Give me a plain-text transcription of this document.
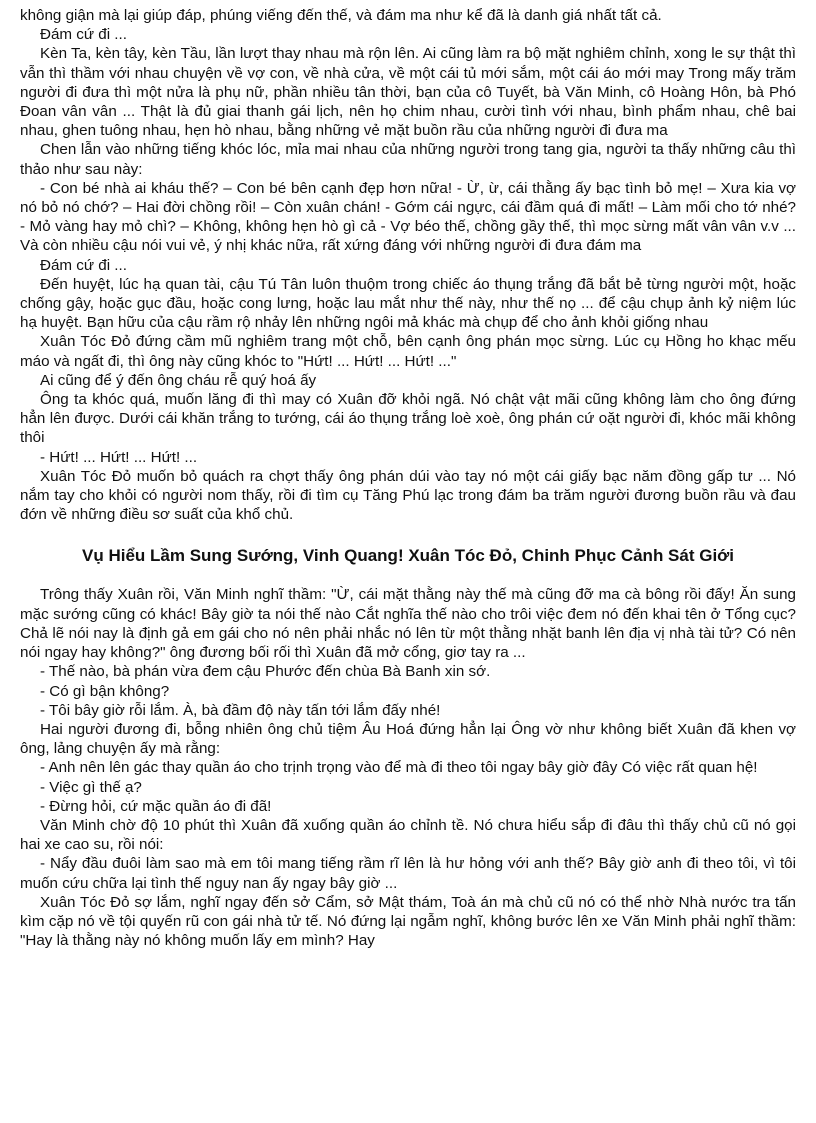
không giận mà lại giúp đáp, phúng viếng đến thế, và đám ma như kể đã là danh giá nhất tất cả.

Đám cứ đi ...

Kèn Ta, kèn tây, kèn Tầu, lần lượt thay nhau mà rộn lên. Ai cũng làm ra bộ mặt nghiêm chỉnh, xong le sự thật thì vẫn thì thầm với nhau chuyện về vợ con, về nhà cửa, về một cái tủ mới sắm, một cái áo mới may Trong mấy trăm người đi đưa thì một nửa là phụ nữ, phần nhiều tân thời, bạn của cô Tuyết, bà Văn Minh, cô Hoàng Hôn, bà Phó Đoan vân vân ... Thật là đủ giai thanh gái lịch, nên họ chim nhau, cười tình với nhau, bình phẩm nhau, chê bai nhau, ghen tuông nhau, hẹn hò nhau, bằng những vẻ mặt buồn rầu của những người đi đưa ma

Chen lẫn vào những tiếng khóc lóc, mỉa mai nhau của những người trong tang gia, người ta thấy những câu thì thảo như sau này:

- Con bé nhà ai kháu thế? – Con bé bên cạnh đẹp hơn nữa! - Ừ, ừ, cái thằng ấy bạc tình bỏ mẹ! – Xưa kia vợ nó bỏ nó chớ? – Hai đời chồng rồi! – Còn xuân chán! - Gớm cái ngực, cái đầm quá đi mất! – Làm mối cho tớ nhé? - Mỏ vàng hay mỏ chì? – Không, không hẹn hò gì cả - Vợ béo thế, chồng gầy thế, thì mọc sừng mất vân vân v.v ... Và còn nhiều cậu nói vui vẻ, ý nhị khác nữa, rất xứng đáng với những người đi đưa đám ma

Đám cứ đi ...

Đến huyệt, lúc hạ quan tài, cậu Tú Tân luôn thuộm trong chiếc áo thụng trắng đã bắt bẻ từng người một, hoặc chống gậy, hoặc gục đầu, hoặc cong lưng, hoặc lau mắt như thế này, như thế nọ ... để cậu chụp ảnh kỷ niệm lúc hạ huyệt. Bạn hữu của cậu rầm rộ nhảy lên những ngôi mả khác mà chụp để cho ảnh khỏi giống nhau

Xuân Tóc Đỏ đứng cầm mũ nghiêm trang một chỗ, bên cạnh ông phán mọc sừng. Lúc cụ Hồng ho khạc mếu máo và ngất đi, thì ông này cũng khóc to "Hứt! ... Hứt! ... Hứt! ..."

Ai cũng để ý đến ông cháu rễ quý hoá ấy

Ông ta khóc quá, muốn lăng đi thì may có Xuân đỡ khỏi ngã. Nó chật vật mãi cũng không làm cho ông đứng hẳn lên được. Dưới cái khăn trắng to tướng, cái áo thụng trắng loè xoè, ông phán cứ oặt người đi, khóc mãi không thôi

- Hứt! ... Hứt! ... Hứt! ...

Xuân Tóc Đỏ muốn bỏ quách ra chợt thấy ông phán dúi vào tay nó một cái giấy bạc năm đồng gấp tư ... Nó nắm tay cho khỏi có người nom thấy, rồi đi tìm cụ Tăng Phú lạc trong đám ba trăm người đương buồn rầu và đau đớn về những điều sơ suất của khổ chủ.

Vụ Hiểu Lầm Sung Sướng, Vinh Quang! Xuân Tóc Đỏ, Chinh Phục Cảnh Sát Giới

Trông thấy Xuân rồi, Văn Minh nghĩ thầm: "Ừ, cái mặt thằng này thế mà cũng đỡ ma cà bông rồi đấy! Ăn sung mặc sướng cũng có khác! Bây giờ ta nói thế nào Cắt nghĩa thế nào cho trôi việc đem nó đến khai tên ở Tổng cục? Chả lẽ nói nay là định gả em gái cho nó nên phải nhắc nó lên từ một thằng nhặt banh lên địa vị nhà tài tử? Có nên nói ngay hay không?" ông đương bối rối thì Xuân đã mở cổng, giơ tay ra ...

- Thế nào, bà phán vừa đem cậu Phước đến chùa Bà Banh xin sớ.

- Có gì bận không?

- Tôi bây giờ rỗi lắm. À, bà đầm độ này tấn tới lắm đấy nhé!

Hai người đương đi, bỗng nhiên ông chủ tiệm Âu Hoá đứng hẳn lại Ông vờ như không biết Xuân đã khen vợ ông, lảng chuyện ấy mà rằng:

- Anh nên lên gác thay quần áo cho trịnh trọng vào để mà đi theo tôi ngay bây giờ đây Có việc rất quan hệ!

- Việc gì thế ạ?

- Đừng hỏi, cứ mặc quần áo đi đã!

Văn Minh chờ độ 10 phút thì Xuân đã xuống quần áo chỉnh tề. Nó chưa hiểu sắp đi đâu thì thấy chủ cũ nó gọi hai xe cao su, rồi nói:

- Nẩy đầu đuôi làm sao mà em tôi mang tiếng rầm rĩ lên là hư hỏng với anh thế? Bây giờ anh đi theo tôi, vì tôi muốn cứu chữa lại tình thế nguy nan ấy ngay bây giờ ...

Xuân Tóc Đỏ sợ lắm, nghĩ ngay đến sở Cẩm, sở Mật thám, Toà án mà chủ cũ nó có thể nhờ Nhà nước tra tấn kìm cặp nó về tội quyến rũ con gái nhà tử tế. Nó đứng lại ngẫm nghĩ, không bước lên xe Văn Minh phải nghĩ thầm: "Hay là thằng này nó không muốn lấy em mình? Hay
